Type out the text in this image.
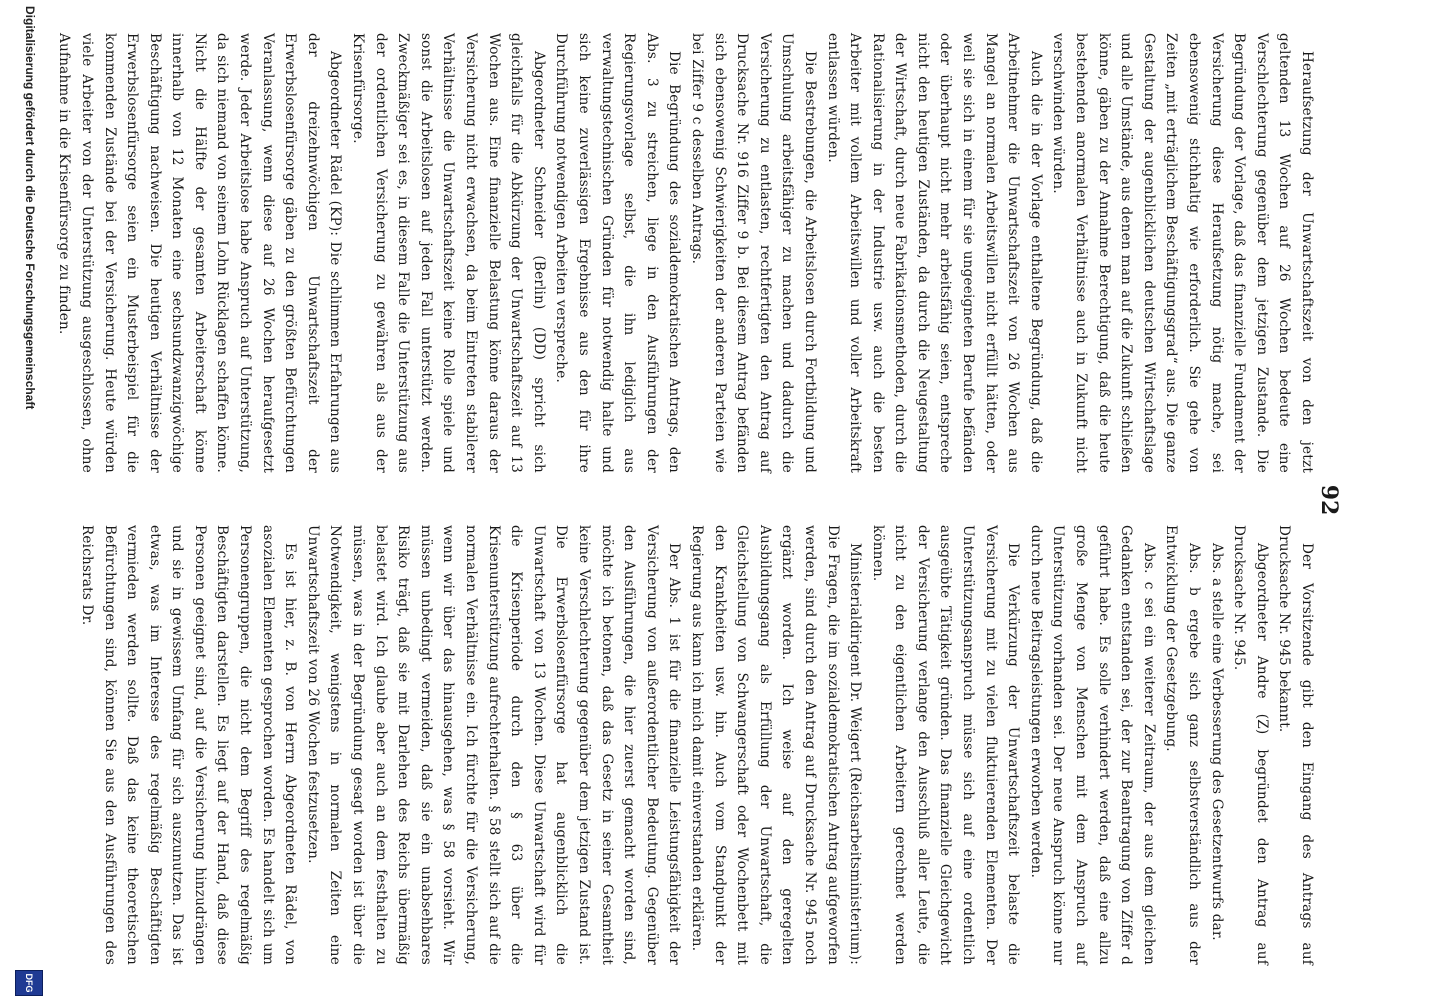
92

Heraufsetzung der Unwartschaftszeit von den jetzt geltenden 13 Wochen auf 26 Wochen bedeute eine Verschlechterung gegenüber dem jetzigen Zustande. Die Begründung der Vorlage, daß das finanzielle Fundament der Versicherung diese Heraufsetzung nötig mache, sei ebensowenig stichhaltig wie erforderlich. Sie gehe von Zeiten „mit erträglichem Beschäftigungsgrad“ aus. Die ganze Gestaltung der augenblicklichen deutschen Wirtschaftslage und alle Umstände, aus denen man auf die Zukunft schließen könne, gäben zu der Annahme Berechtigung, daß die heute bestehenden anormalen Verhältnisse auch in Zukunft nicht verschwinden würden.

Auch die in der Vorlage enthaltene Begründung, daß die Arbeitnehmer die Unwartschaftszeit von 26 Wochen aus Mangel an normalen Arbeitswillen nicht erfüllt hätten, oder weil sie sich in einem für sie ungeeigneten Berufe befänden oder überhaupt nicht mehr arbeitsfähig seien, entspreche nicht den heutigen Zuständen, da durch die Neugestaltung der Wirtschaft, durch neue Fabrikationsmethoden, durch die Rationalisierung in der Industrie usw. auch die besten Arbeiter mit vollem Arbeitswillen und voller Arbeitskraft entlassen würden.

Die Bestrebungen, die Arbeitslosen durch Fortbildung und Umschulung arbeitsfähiger zu machen und dadurch die Versicherung zu entlasten, rechtfertigten den Antrag auf Drucksache Nr. 916 Ziffer 9 b. Bei diesem Antrag befänden sich ebensowenig Schwierigkeiten der anderen Parteien wie bei Ziffer 9 c desselben Antrags.

Die Begründung des sozialdemokratischen Antrags, den Abs. 3 zu streichen, liege in den Ausführungen der Regierungsvorlage selbst, die ihn lediglich aus verwaltungstechnischen Gründen für notwendig halte und sich keine zuverlässigen Ergebnisse aus den für ihre Durchführung notwendigen Arbeiten verspreche.

Abgeordneter Schneider (Berlin) (DD) spricht sich gleichfalls für die Abkürzung der Unwartschaftszeit auf 13 Wochen aus. Eine finanzielle Belastung könne daraus der Versicherung nicht erwachsen, da beim Eintreten stabilerer Verhältnisse die Unwartschaftszeit keine Rolle spiele und sonst die Arbeitslosen auf jeden Fall unterstützt werden. Zweckmäßiger sei es, in diesem Falle die Unterstützung aus der ordentlichen Versicherung zu gewähren als aus der Krisenfürsorge.

Abgeordneter Rädel (KP): Die schlimmen Erfahrungen aus der dreizehnwöchigen Unwartschaftszeit der Erwerbslosenfürsorge gäben zu den größten Befürchtungen Veranlassung, wenn diese auf 26 Wochen heraufgesetzt werde. Jeder Arbeitslose habe Anspruch auf Unterstützung, da sich niemand von seinem Lohn Rücklagen schaffen könne. Nicht die Hälfte der gesamten Arbeiterschaft könne innerhalb von 12 Monaten eine sechsundzwanzigwöchige Beschäftigung nachweisen. Die heutigen Verhältnisse der Erwerbslosenfürsorge seien ein Musterbeispiel für die kommenden Zustände bei der Versicherung. Heute würden viele Arbeiter von der Unterstützung ausgeschlossen, ohne Aufnahme in die Krisenfürsorge zu finden.

Der Vorsitzende gibt den Eingang des Antrags auf Drucksache Nr. 945 bekannt.

Abgeordneter Andre (Z) begründet den Antrag auf Drucksache Nr. 945.

Abs. a stelle eine Verbesserung des Gesetzentwurfs dar.

Abs. b ergebe sich ganz selbstverständlich aus der Entwicklung der Gesetzgebung.

Abs. c sei ein weiterer Zeitraum, der aus dem gleichen Gedanken entstanden sei, der zur Beantragung von Ziffer d geführt habe. Es solle verhindert werden, daß eine allzu große Menge von Menschen mit dem Anspruch auf Unterstützung vorhanden sei. Der neue Anspruch könne nur durch neue Beitragsleistungen erworben werden.

Die Verkürzung der Unwartschaftszeit belaste die Versicherung mit zu vielen fluktuierenden Elementen. Der Unterstützungsanspruch müsse sich auf eine ordentlich ausgeübte Tätigkeit gründen. Das finanzielle Gleichgewicht der Versicherung verlange den Ausschluß aller Leute, die nicht zu den eigentlichen Arbeitern gerechnet werden können.

Ministerialdirigent Dr. Weigert (Reichsarbeitsministerium): Die Fragen, die im sozialdemokratischen Antrag aufgeworfen werden, sind durch den Antrag auf Drucksache Nr. 945 noch ergänzt worden. Ich weise auf den geregelten Ausbildungsgang als Erfüllung der Unwartschaft, die Gleichstellung von Schwangerschaft oder Wochenbett mit den Krankheiten usw. hin. Auch vom Standpunkt der Regierung aus kann ich mich damit einverstanden erklären.

Der Abs. 1 ist für die finanzielle Leistungsfähigkeit der Versicherung von außerordentlicher Bedeutung. Gegenüber den Ausführungen, die hier zuerst gemacht worden sind, möchte ich betonen, daß das Gesetz in seiner Gesamtheit keine Verschlechterung gegenüber dem jetzigen Zustand ist. Die Erwerbslosenfürsorge hat augenblicklich die Unwartschaft von 13 Wochen. Diese Unwartschaft wird für die Krisenperiode durch den § 63 über die Krisenunterstützung aufrechterhalten. § 58 stellt sich auf die normalen Verhältnisse ein. Ich fürchte für die Versicherung, wenn wir über das hinausgehen, was § 58 vorsieht. Wir müssen unbedingt vermeiden, daß sie ein unabsehbares Risiko trägt, daß sie mit Darlehen des Reichs übermäßig belastet wird. Ich glaube aber auch an dem festhalten zu müssen, was in der Begründung gesagt worden ist über die Notwendigkeit, wenigstens in normalen Zeiten eine Unwartschaftszeit von 26 Wochen festzusetzen.

Es ist hier, z. B. von Herrn Abgeordneten Rädel, von asozialen Elementen gesprochen worden. Es handelt sich um Personengruppen, die nicht dem Begriff des regelmäßig Beschäftigten darstellen. Es liegt auf der Hand, daß diese Personen geeignet sind, auf die Versicherung hinzudrängen und sie in gewissem Umfang für sich auszunutzen. Das ist etwas, was im Interesse des regelmäßig Beschäftigten vermieden werden sollte. Daß das keine theoretischen Befürchtungen sind, können Sie aus den Ausführungen des Reichsrats Dr.

Digitalisierung gefördert durch die Deutsche Forschungsgemeinschaft
DFG
